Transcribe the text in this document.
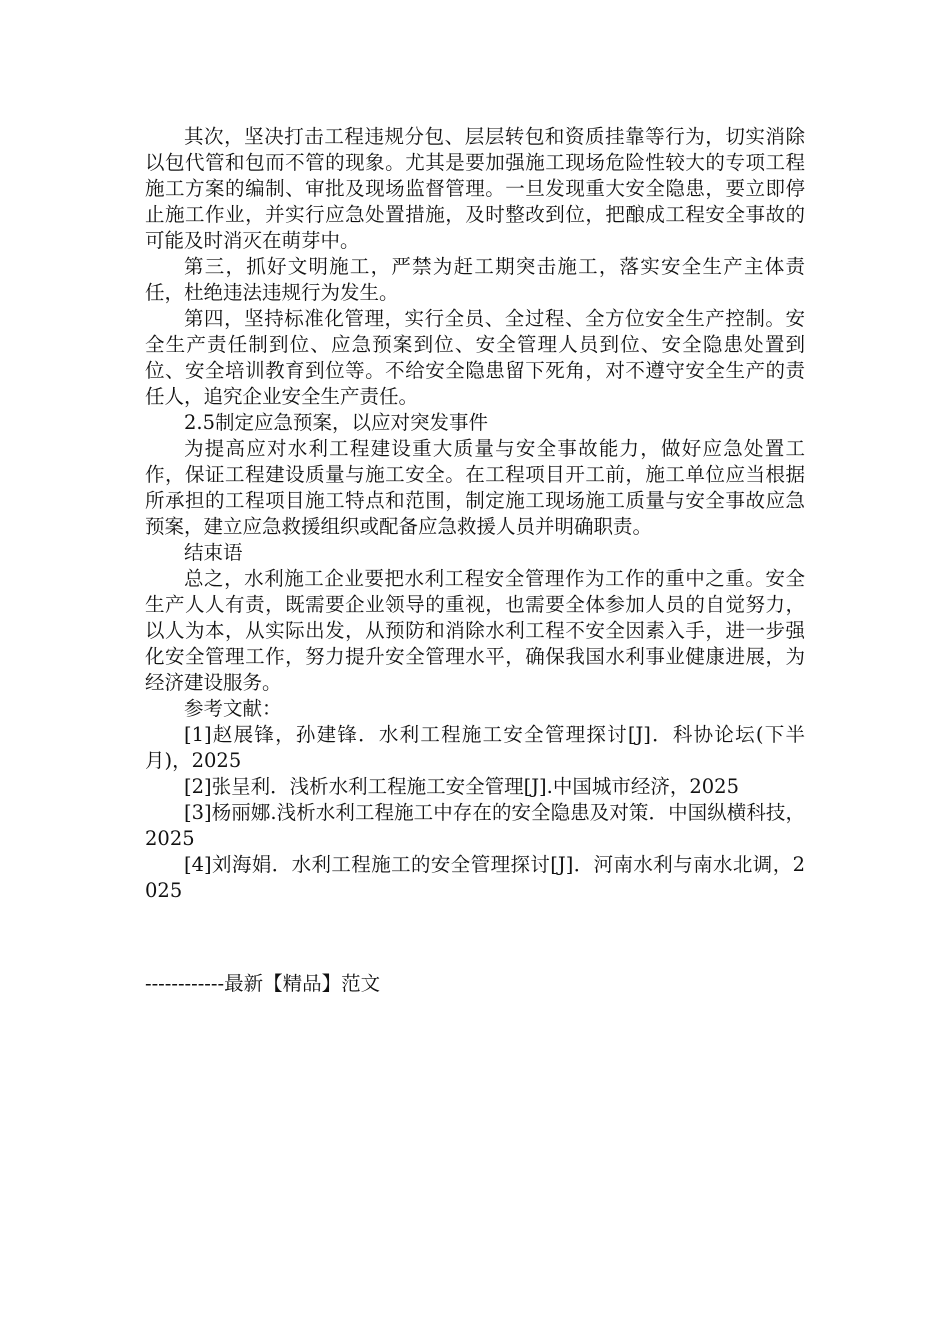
其次，坚决打击工程违规分包、层层转包和资质挂靠等行为，切实消除以包代管和包而不管的现象。尤其是要加强施工现场危险性较大的专项工程施工方案的编制、审批及现场监督管理。一旦发现重大安全隐患，要立即停止施工作业，并实行应急处置措施，及时整改到位，把酿成工程安全事故的可能及时消灭在萌芽中。

第三，抓好文明施工，严禁为赶工期突击施工，落实安全生产主体责任，杜绝违法违规行为发生。

第四，坚持标准化管理，实行全员、全过程、全方位安全生产控制。安全生产责任制到位、应急预案到位、安全管理人员到位、安全隐患处置到位、安全培训教育到位等。不给安全隐患留下死角，对不遵守安全生产的责任人，追究企业安全生产责任。

2.5制定应急预案，以应对突发事件

为提高应对水利工程建设重大质量与安全事故能力，做好应急处置工作，保证工程建设质量与施工安全。在工程项目开工前，施工单位应当根据所承担的工程项目施工特点和范围，制定施工现场施工质量与安全事故应急预案，建立应急救援组织或配备应急救援人员并明确职责。

结束语

总之，水利施工企业要把水利工程安全管理作为工作的重中之重。安全生产人人有责，既需要企业领导的重视，也需要全体参加人员的自觉努力，以人为本，从实际出发，从预防和消除水利工程不安全因素入手，进一步强化安全管理工作，努力提升安全管理水平，确保我国水利事业健康进展，为经济建设服务。

参考文献：

[1]赵展锋，孙建锋．水利工程施工安全管理探讨[J]．科协论坛(下半月)，2025

[2]张呈利．浅析水利工程施工安全管理[J].中国城市经济，2025

[3]杨丽娜.浅析水利工程施工中存在的安全隐患及对策．中国纵横科技，2025

[4]刘海娟．水利工程施工的安全管理探讨[J]．河南水利与南水北调，2025

------------最新【精品】范文
